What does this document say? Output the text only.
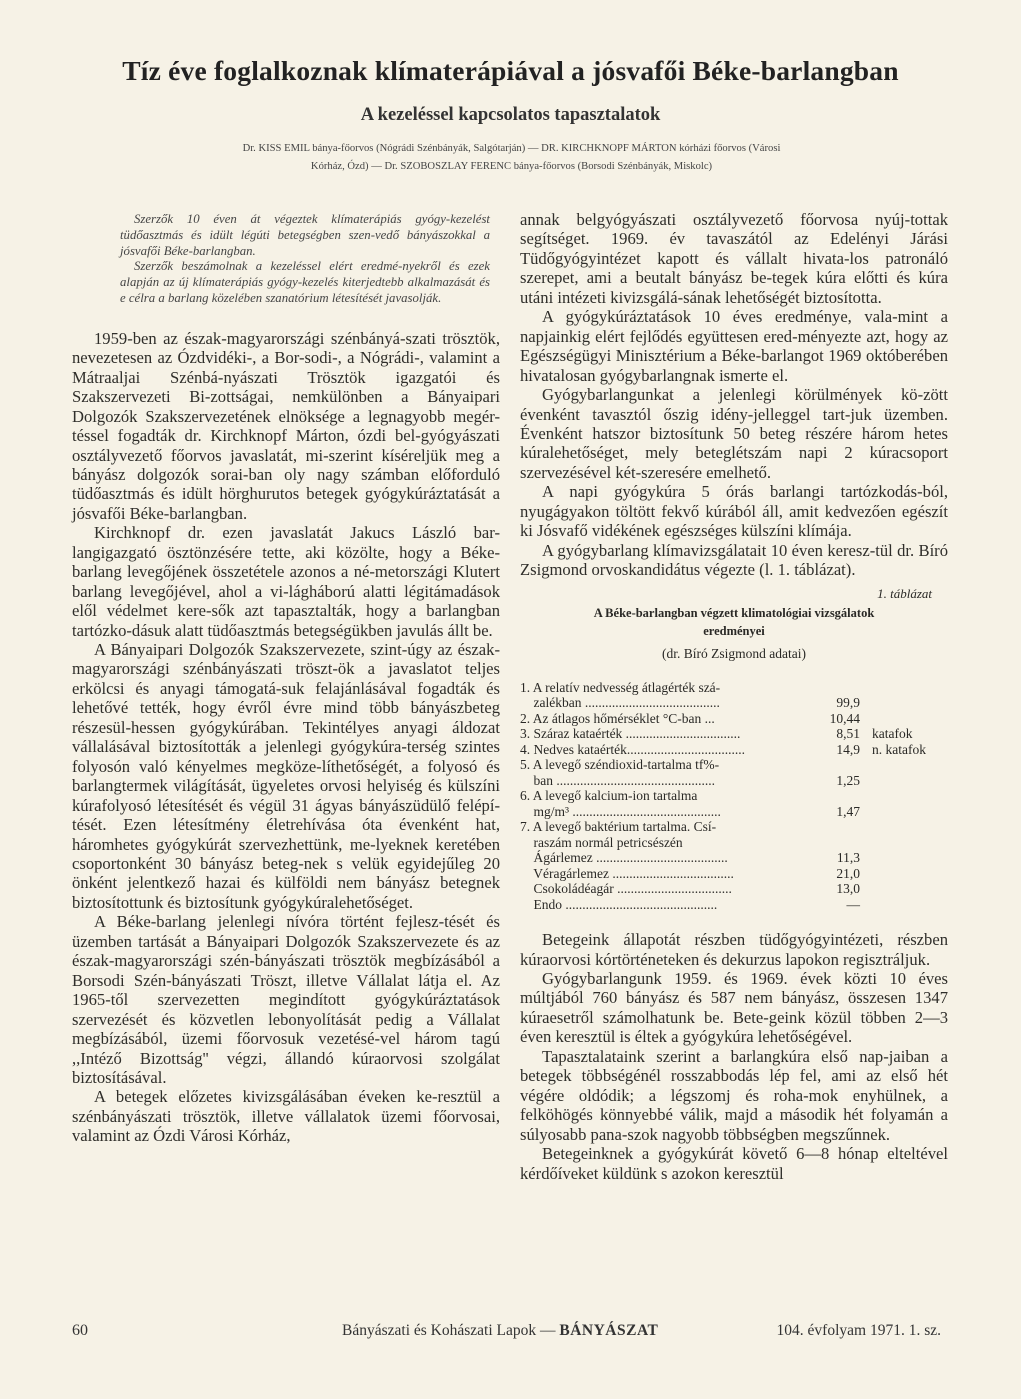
Tíz éve foglalkoznak klímaterápiával a jósvafői Béke-barlangban
A kezeléssel kapcsolatos tapasztalatok
Dr. KISS EMIL bánya-főorvos (Nógrádi Szénbányák, Salgótarján) — DR. KIRCHKNOPF MÁRTON kórházi főorvos (Városi
Kórház, Ózd) — Dr. SZOBOSZLAY FERENC bánya-főorvos (Borsodi Szénbányák, Miskolc)

Szerzők 10 éven át végeztek klímaterápiás gyógy-kezelést tüdőasztmás és idült légúti betegségben szen-vedő bányászokkal a jósvafői Béke-barlangban.

Szerzők beszámolnak a kezeléssel elért eredmé-nyekről és ezek alapján az új klímaterápiás gyógy-kezelés kiterjedtebb alkalmazását és e célra a barlang közelében szanatórium létesítését javasolják.

1959-ben az észak-magyarországi szénbányá-szati trösztök, nevezetesen az Ózdvidéki-, a Bor-sodi-, a Nógrádi-, valamint a Mátraaljai Szénbá-nyászati Trösztök igazgatói és Szakszervezeti Bi-zottságai, nemkülönben a Bányaipari Dolgozók Szakszervezetének elnöksége a legnagyobb megér-téssel fogadták dr. Kirchknopf Márton, ózdi bel-gyógyászati osztályvezető főorvos javaslatát, mi-szerint kísérelјük meg a bányász dolgozók sorai-ban oly nagy számban előforduló tüdőasztmás és idült hörghurutos betegek gyógykúráztatását a jósvafői Béke-barlangban.

Kirchknopf dr. ezen javaslatát Jakucs László bar-langigazgató ösztönzésére tette, aki közölte, hogy a Béke-barlang levegőjének összetétele azonos a né-metországi Klutert barlang levegőjével, ahol a vi-lágháború alatti légitámadások elől védelmet kere-sők azt tapasztalták, hogy a barlangban tartózko-dásuk alatt tüdőasztmás betegségükben javulás állt be.

A Bányaipari Dolgozók Szakszervezete, szint-úgy az észak-magyarországi szénbányászati tröszt-ök a javaslatot teljes erkölcsi és anyagi támogatá-suk felajánlásával fogadták és lehetővé tették, hogy évről évre mind több bányászbeteg részesül-hessen gyógykúrában. Tekintélyes anyagi áldozat vállalásával biztosították a jelenlegi gyógykúra-terség szintes folyosón való kényelmes megköze-líthetőségét, a folyosó és barlangtermek világítását, ügyeletes orvosi helyiség és külszíni kúrafolyosó létesítését és végül 31 ágyas bányászüdülő felépí-tését. Ezen létesítmény életrehívása óta évenként hat, háromhetes gyógykúrát szervezhettünk, me-lyeknek keretében csoportonként 30 bányász beteg-nek s velük egyidejűleg 20 önként jelentkező hazai és külföldi nem bányász betegnek biztosítottunk és biztosítunk gyógykúralehetőséget.

A Béke-barlang jelenlegi nívóra történt fejlesz-tését és üzemben tartását a Bányaipari Dolgozók Szakszervezete és az észak-magyarországi szén-bányászati trösztök megbízásából a Borsodi Szén-bányászati Tröszt, illetve Vállalat látja el. Az 1965-től szervezetten megindított gyógykúráztatások szervezését és közvetlen lebonyolítását pedig a Vállalat megbízásából, üzemi főorvosuk vezetésé-vel három tagú ,,Intéző Bizottság'' végzi, állandó kúraorvosi szolgálat biztosításával.

A betegek előzetes kivizsgálásában éveken ke-resztül a szénbányászati trösztök, illetve vállalatok üzemi főorvosai, valamint az Ózdi Városi Kórház,

annak belgyógyászati osztályvezető főorvosa nyúj-tottak segítséget. 1969. év tavaszától az Edelényi Járási Tüdőgyógyintézet kapott és vállalt hivata-los patronáló szerepet, ami a beutalt bányász be-tegek kúra előtti és kúra utáni intézeti kivizsgálá-sának lehetőségét biztosította.

A gyógykúráztatások 10 éves eredménye, vala-mint a napjainkig elért fejlődés együttesen ered-ményezte azt, hogy az Egészségügyi Minisztérium a Béke-barlangot 1969 októberében hivatalosan gyógybarlangnak ismerte el.

Gyógybarlangunkat a jelenlegi körülmények kö-zött évenként tavasztól őszig idény-jelleggel tart-juk üzemben. Évenként hatszor biztosítunk 50 beteg részére három hetes kúralehetőséget, mely beteglétszám napi 2 kúracsoport szervezésével két-szeresére emelhető.

A napi gyógykúra 5 órás barlangi tartózkodás-ból, nyugágyakon töltött fekvő kúrából áll, amit kedvezően egészít ki Jósvafő vidékének egészséges külszíni klímája.

A gyógybarlang klímavizsgálatait 10 éven keresz-tül dr. Bíró Zsigmond orvoskandidátus végezte (l. 1. táblázat).

1. táblázat
A Béke-barlangban végzett klimatológiai vizsgálatok
eredményei
(dr. Bíró Zsigmond adatai)
1. A relatív nedvesség átlagérték szá-
zalékban ........................................	99,9
2. Az átlagos hőmérséklet °C-ban ...	10,44
3. Száraz kataérték ..................................	8,51 katafok
4. Nedves kataérték...................................	14,9 n. katafok
5. A levegő széndioxid-tartalma tf%-
ban ...............................................	1,25
6. A levegő kalcium-ion tartalma
mg/m³ ............................................	1,47
7. A levegő baktérium tartalma. Csí-
raszám normál petricsészén
Ágárlemez .......................................	11,3
Véragárlemez ....................................	21,0
Csokoládéagár ..................................	13,0
Endo .............................................	—

Betegeink állapotát részben tüdőgyógyintézeti, részben kúraorvosi kórtörténeteken és dekurzus lapokon regisztráljuk.

Gyógybarlangunk 1959. és 1969. évek közti 10 éves múltjából 760 bányász és 587 nem bányász, összesen 1347 kúraesetről számolhatunk be. Bete-geink közül többen 2—3 éven keresztül is éltek a gyógykúra lehetőségével.

Tapasztalataink szerint a barlangkúra első nap-jaiban a betegek többségénél rosszabbodás lép fel, ami az első hét végére oldódik; a légszomj és roha-mok enyhülnek, a felköhögés könnyebbé válik, majd a második hét folyamán a súlyosabb pana-szok nagyobb többségben megszűnnek.

Betegeinknek a gyógykúrát követő 6—8 hónap elteltével kérdőíveket küldünk s azokon keresztül

60	Bányászati és Kohászati Lapok — BÁNYÁSZAT	104. évfolyam 1971. 1. sz.
